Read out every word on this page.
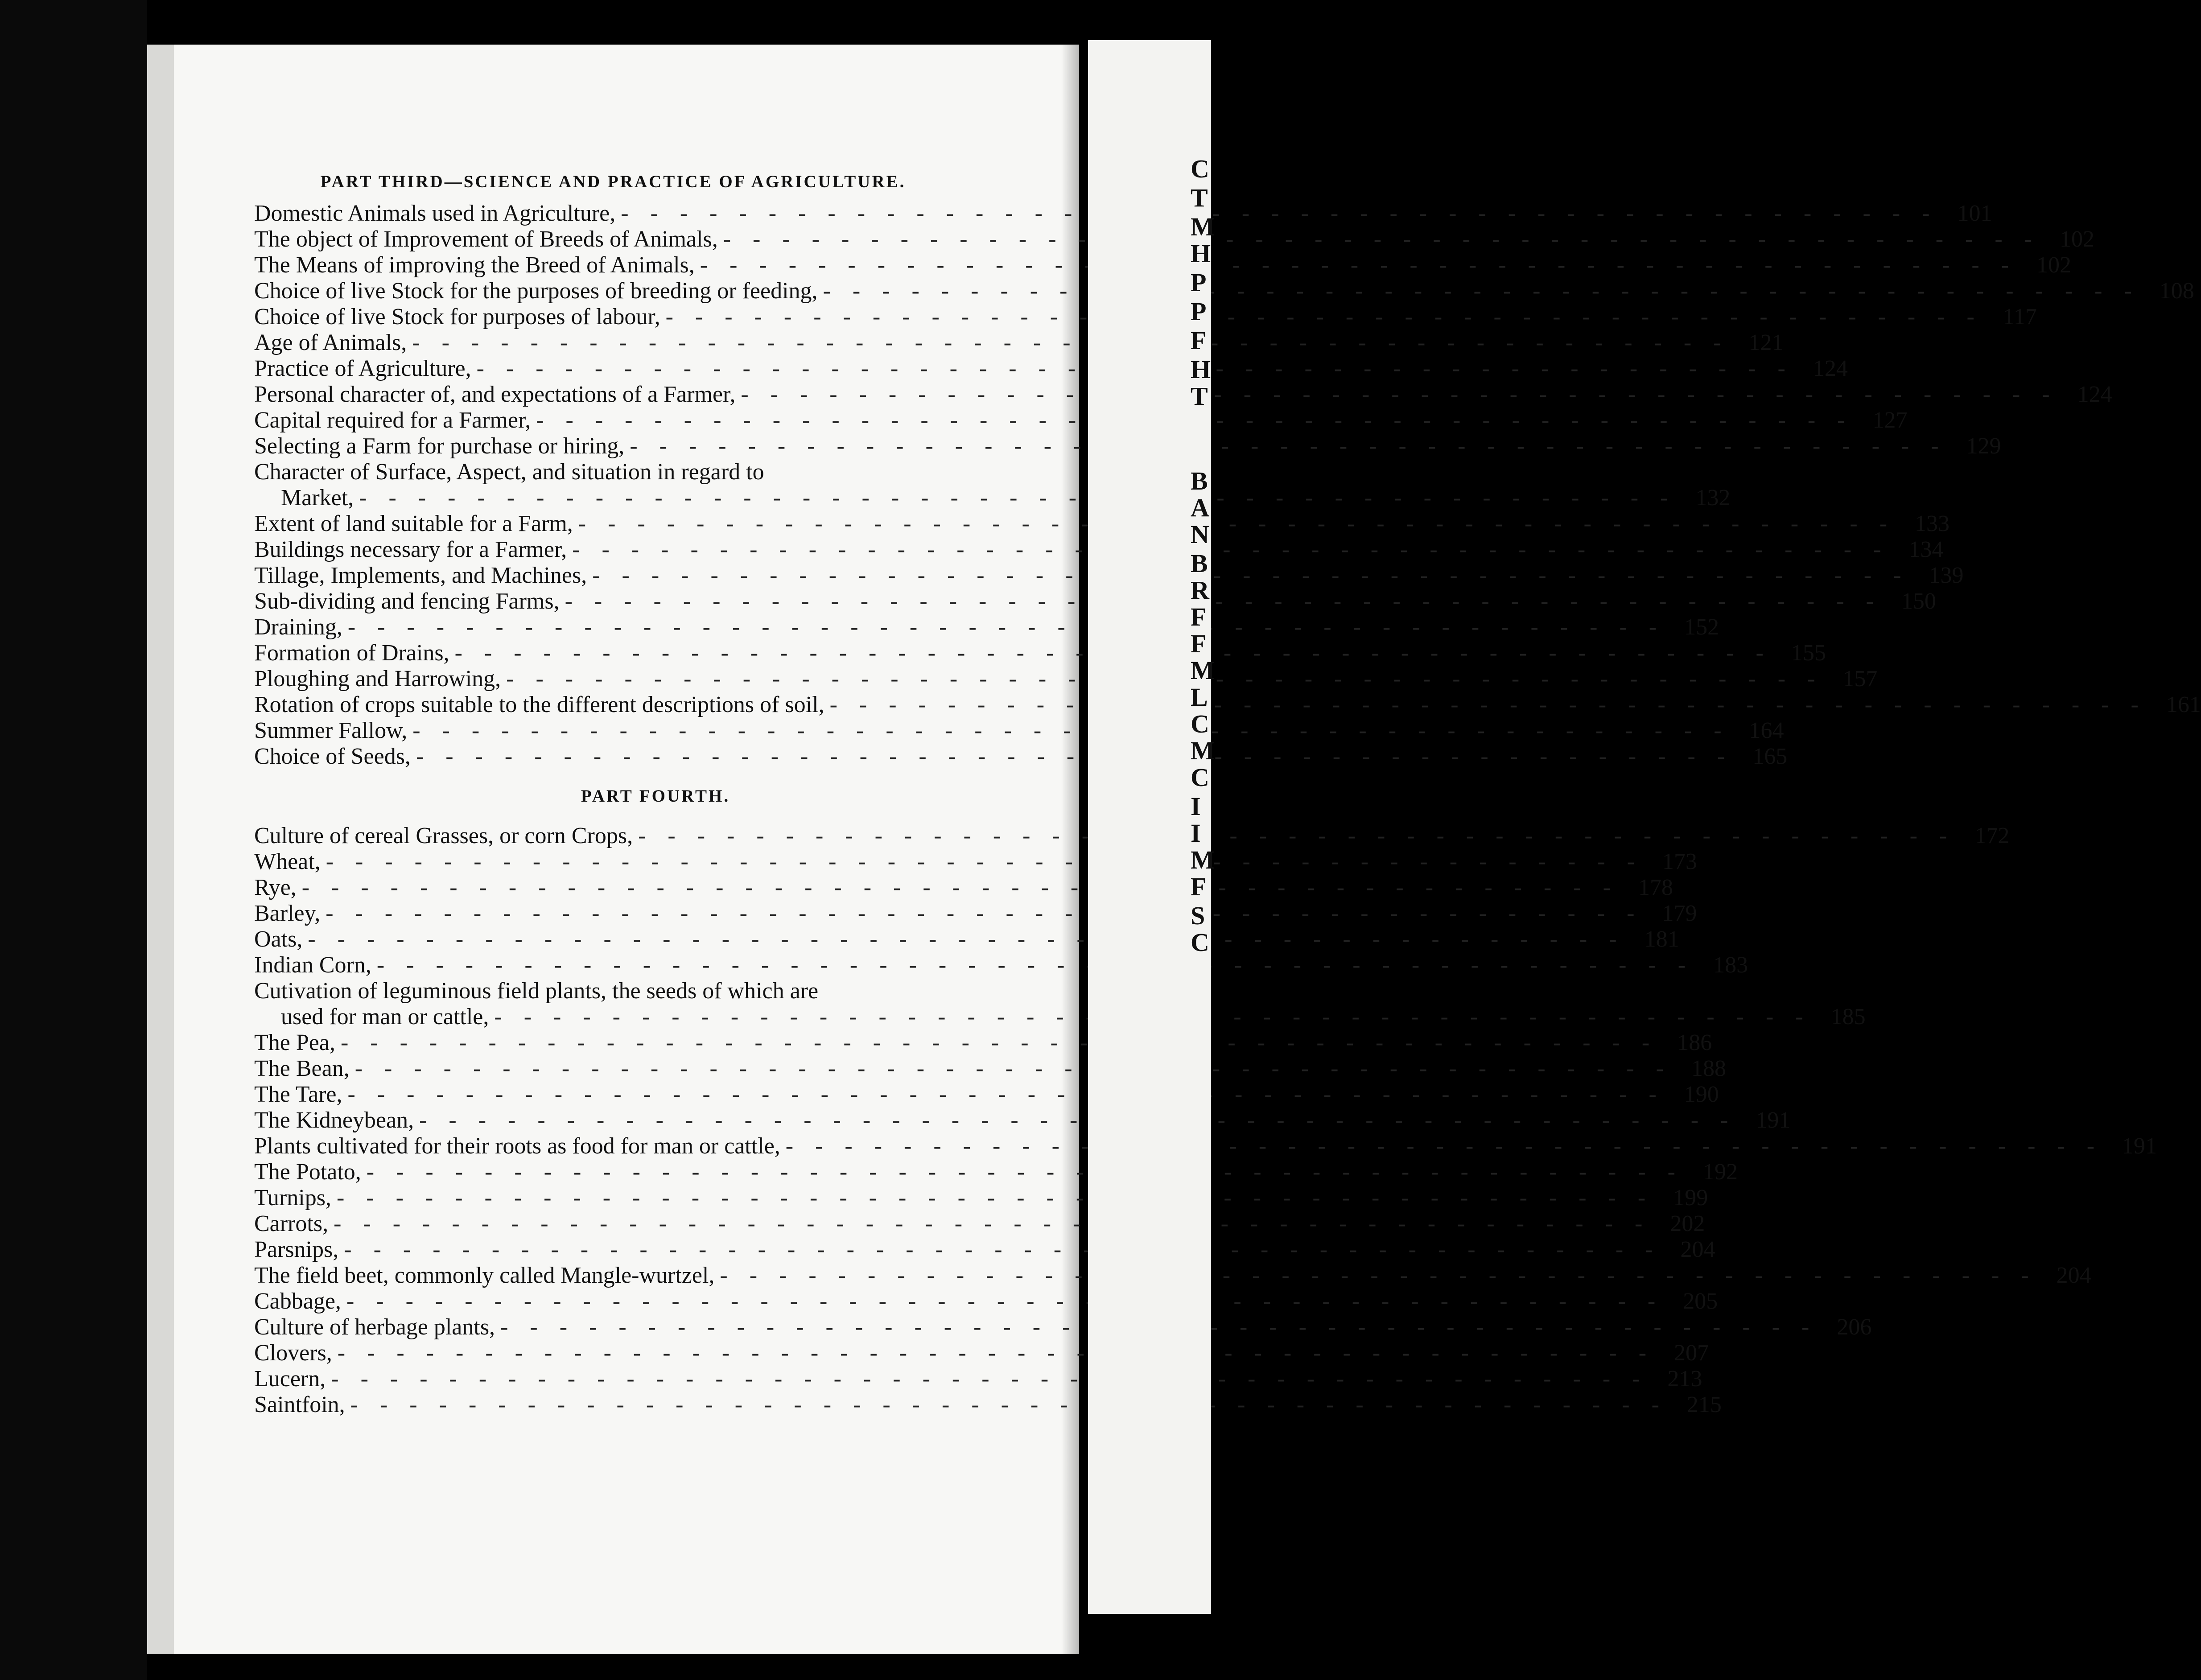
PART THIRD—SCIENCE AND PRACTICE OF AGRICULTURE.
Domestic Animals used in Agriculture, - - -	101
The object of Improvement of Breeds of Animals, - - -	102
The Means of improving the Breed of Animals, - - -	102
Choice of live Stock for the purposes of breeding or feeding, - - -	108
Choice of live Stock for purposes of labour, - - -	117
Age of Animals, - - -	121
Practice of Agriculture, - - -	124
Personal character of, and expectations of a Farmer, - - -	124
Capital required for a Farmer, - - -	127
Selecting a Farm for purchase or hiring, - - -	129
Character of Surface, Aspect, and situation in regard to
Market, - - -	132
Extent of land suitable for a Farm, - - -	133
Buildings necessary for a Farmer, - - -	134
Tillage, Implements, and Machines, - - -	139
Sub-dividing and fencing Farms, - - -	150
Draining, - - -	152
Formation of Drains, - - -	155
Ploughing and Harrowing, - - -	157
Rotation of crops suitable to the different descriptions of soil, - - -	161
Summer Fallow, - - -	164
Choice of Seeds, - - -	165
PART FOURTH.
Culture of cereal Grasses, or corn Crops, - - -	172
Wheat, - - -	173
Rye, - - -	178
Barley, - - -	179
Oats, - - -	181
Indian Corn, - - -	183
Cutivation of leguminous field plants, the seeds of which are
used for man or cattle, - - -	185
The Pea, - - -	186
The Bean, - - -	188
The Tare, - - -	190
The Kidneybean, - - -	191
Plants cultivated for their roots as food for man or cattle, - - -	191
The Potato, - - -	192
Turnips, - - -	199
Carrots, - - -	202
Parsnips, - - -	204
The field beet, commonly called Mangle-wurtzel, - - -	204
Cabbage, - - -	205
Culture of herbage plants, - - -	206
Clovers, - - -	207
Lucern, - - -	213
Saintfoin, - - -	215
C
T
M
H
P
P
F
H
T
B
A
N
B
R
F
F
M
L
C
M
C
I
I
M
F
S
C
